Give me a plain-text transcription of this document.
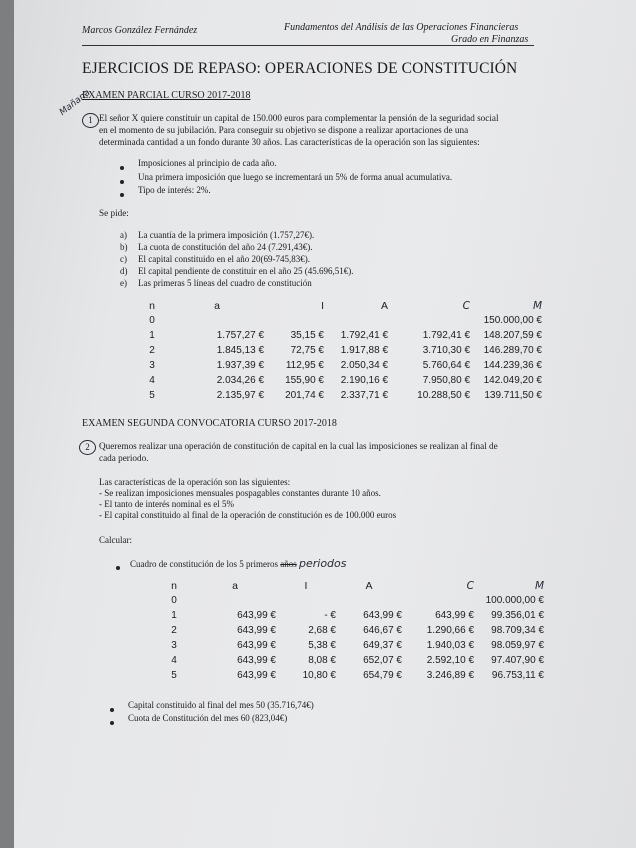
Marcos González Fernández	Fundamentos del Análisis de las Operaciones Financieras
Grado en Finanzas
EJERCICIOS DE REPASO: OPERACIONES DE CONSTITUCIÓN
EXAMEN PARCIAL CURSO 2017-2018
Mañana
1 El señor X quiere constituir un capital de 150.000 euros para complementar la pensión de la seguridad social
en el momento de su jubilación. Para conseguir su objetivo se dispone a realizar aportaciones de una
determinada cantidad a un fondo durante 30 años. Las características de la operación son las siguientes:
Imposiciones al principio de cada año.
Una primera imposición que luego se incrementará un 5% de forma anual acumulativa.
Tipo de interés: 2%.
Se pide:
a) La cuantía de la primera imposición (1.757,27€).
b) La cuota de constitución del año 24 (7.291,43€).
c) El capital constituido en el año 20(69-745,83€).
d) El capital pendiente de constituir en el año 25 (45.696,51€).
e) Las primeras 5 líneas del cuadro de constitución
n	a	I	A	C	M
0					150.000,00 €
1	1.757,27 €	35,15 €	1.792,41 €	1.792,41 €	148.207,59 €
2	1.845,13 €	72,75 €	1.917,88 €	3.710,30 €	146.289,70 €
3	1.937,39 €	112,95 €	2.050,34 €	5.760,64 €	144.239,36 €
4	2.034,26 €	155,90 €	2.190,16 €	7.950,80 €	142.049,20 €
5	2.135,97 €	201,74 €	2.337,71 €	10.288,50 €	139.711,50 €
EXAMEN SEGUNDA CONVOCATORIA CURSO 2017-2018
2	Queremos realizar una operación de constitución de capital en la cual las imposiciones se realizan al final de
cada periodo.
Las características de la operación son las siguientes:
- Se realizan imposiciones mensuales pospagables constantes durante 10 años.
- El tanto de interés nominal es el 5%
- El capital constituido al final de la operación de constitución es de 100.000 euros
Calcular:
Cuadro de constitución de los 5 primeros años periodos
n	a	I	A	C	M
0					100.000,00 €
1	643,99 €	- €	643,99 €	643,99 €	99.356,01 €
2	643,99 €	2,68 €	646,67 €	1.290,66 €	98.709,34 €
3	643,99 €	5,38 €	649,37 €	1.940,03 €	98.059,97 €
4	643,99 €	8,08 €	652,07 €	2.592,10 €	97.407,90 €
5	643,99 €	10,80 €	654,79 €	3.246,89 €	96.753,11 €
Capital constituido al final del mes 50 (35.716,74€)
Cuota de Constitución del mes 60 (823,04€)
